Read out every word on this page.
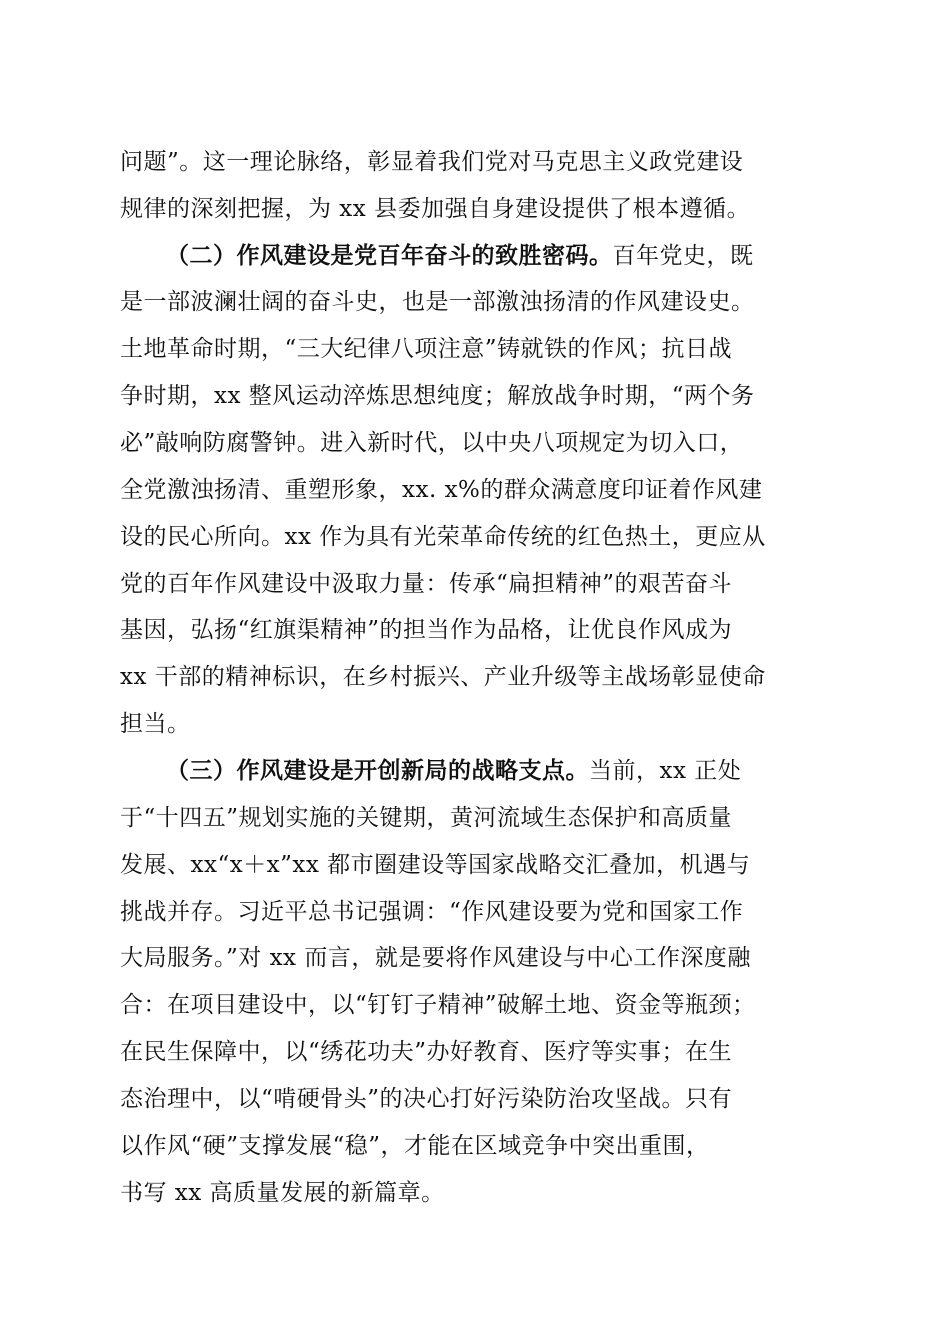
问题”。这一理论脉络，彰显着我们党对马克思主义政党建设
规律的深刻把握，为 xx 县委加强自身建设提供了根本遵循。
（二）作风建设是党百年奋斗的致胜密码。百年党史，既
是一部波澜壮阔的奋斗史，也是一部激浊扬清的作风建设史。
土地革命时期，“三大纪律八项注意”铸就铁的作风；抗日战
争时期，xx 整风运动淬炼思想纯度；解放战争时期，“两个务
必”敲响防腐警钟。进入新时代，以中央八项规定为切入口，
全党激浊扬清、重塑形象，xx. x%的群众满意度印证着作风建
设的民心所向。xx 作为具有光荣革命传统的红色热土，更应从
党的百年作风建设中汲取力量：传承“扁担精神”的艰苦奋斗
基因，弘扬“红旗渠精神”的担当作为品格，让优良作风成为
xx 干部的精神标识，在乡村振兴、产业升级等主战场彰显使命
担当。
（三）作风建设是开创新局的战略支点。当前，xx 正处
于“十四五”规划实施的关键期，黄河流域生态保护和高质量
发展、xx“x＋x”xx 都市圈建设等国家战略交汇叠加，机遇与
挑战并存。习近平总书记强调：“作风建设要为党和国家工作
大局服务。”对 xx 而言，就是要将作风建设与中心工作深度融
合：在项目建设中，以“钉钉子精神”破解土地、资金等瓶颈；
在民生保障中，以“绣花功夫”办好教育、医疗等实事；在生
态治理中，以“啃硬骨头”的决心打好污染防治攻坚战。只有
以作风“硬”支撑发展“稳”，才能在区域竞争中突出重围，
书写 xx 高质量发展的新篇章。
